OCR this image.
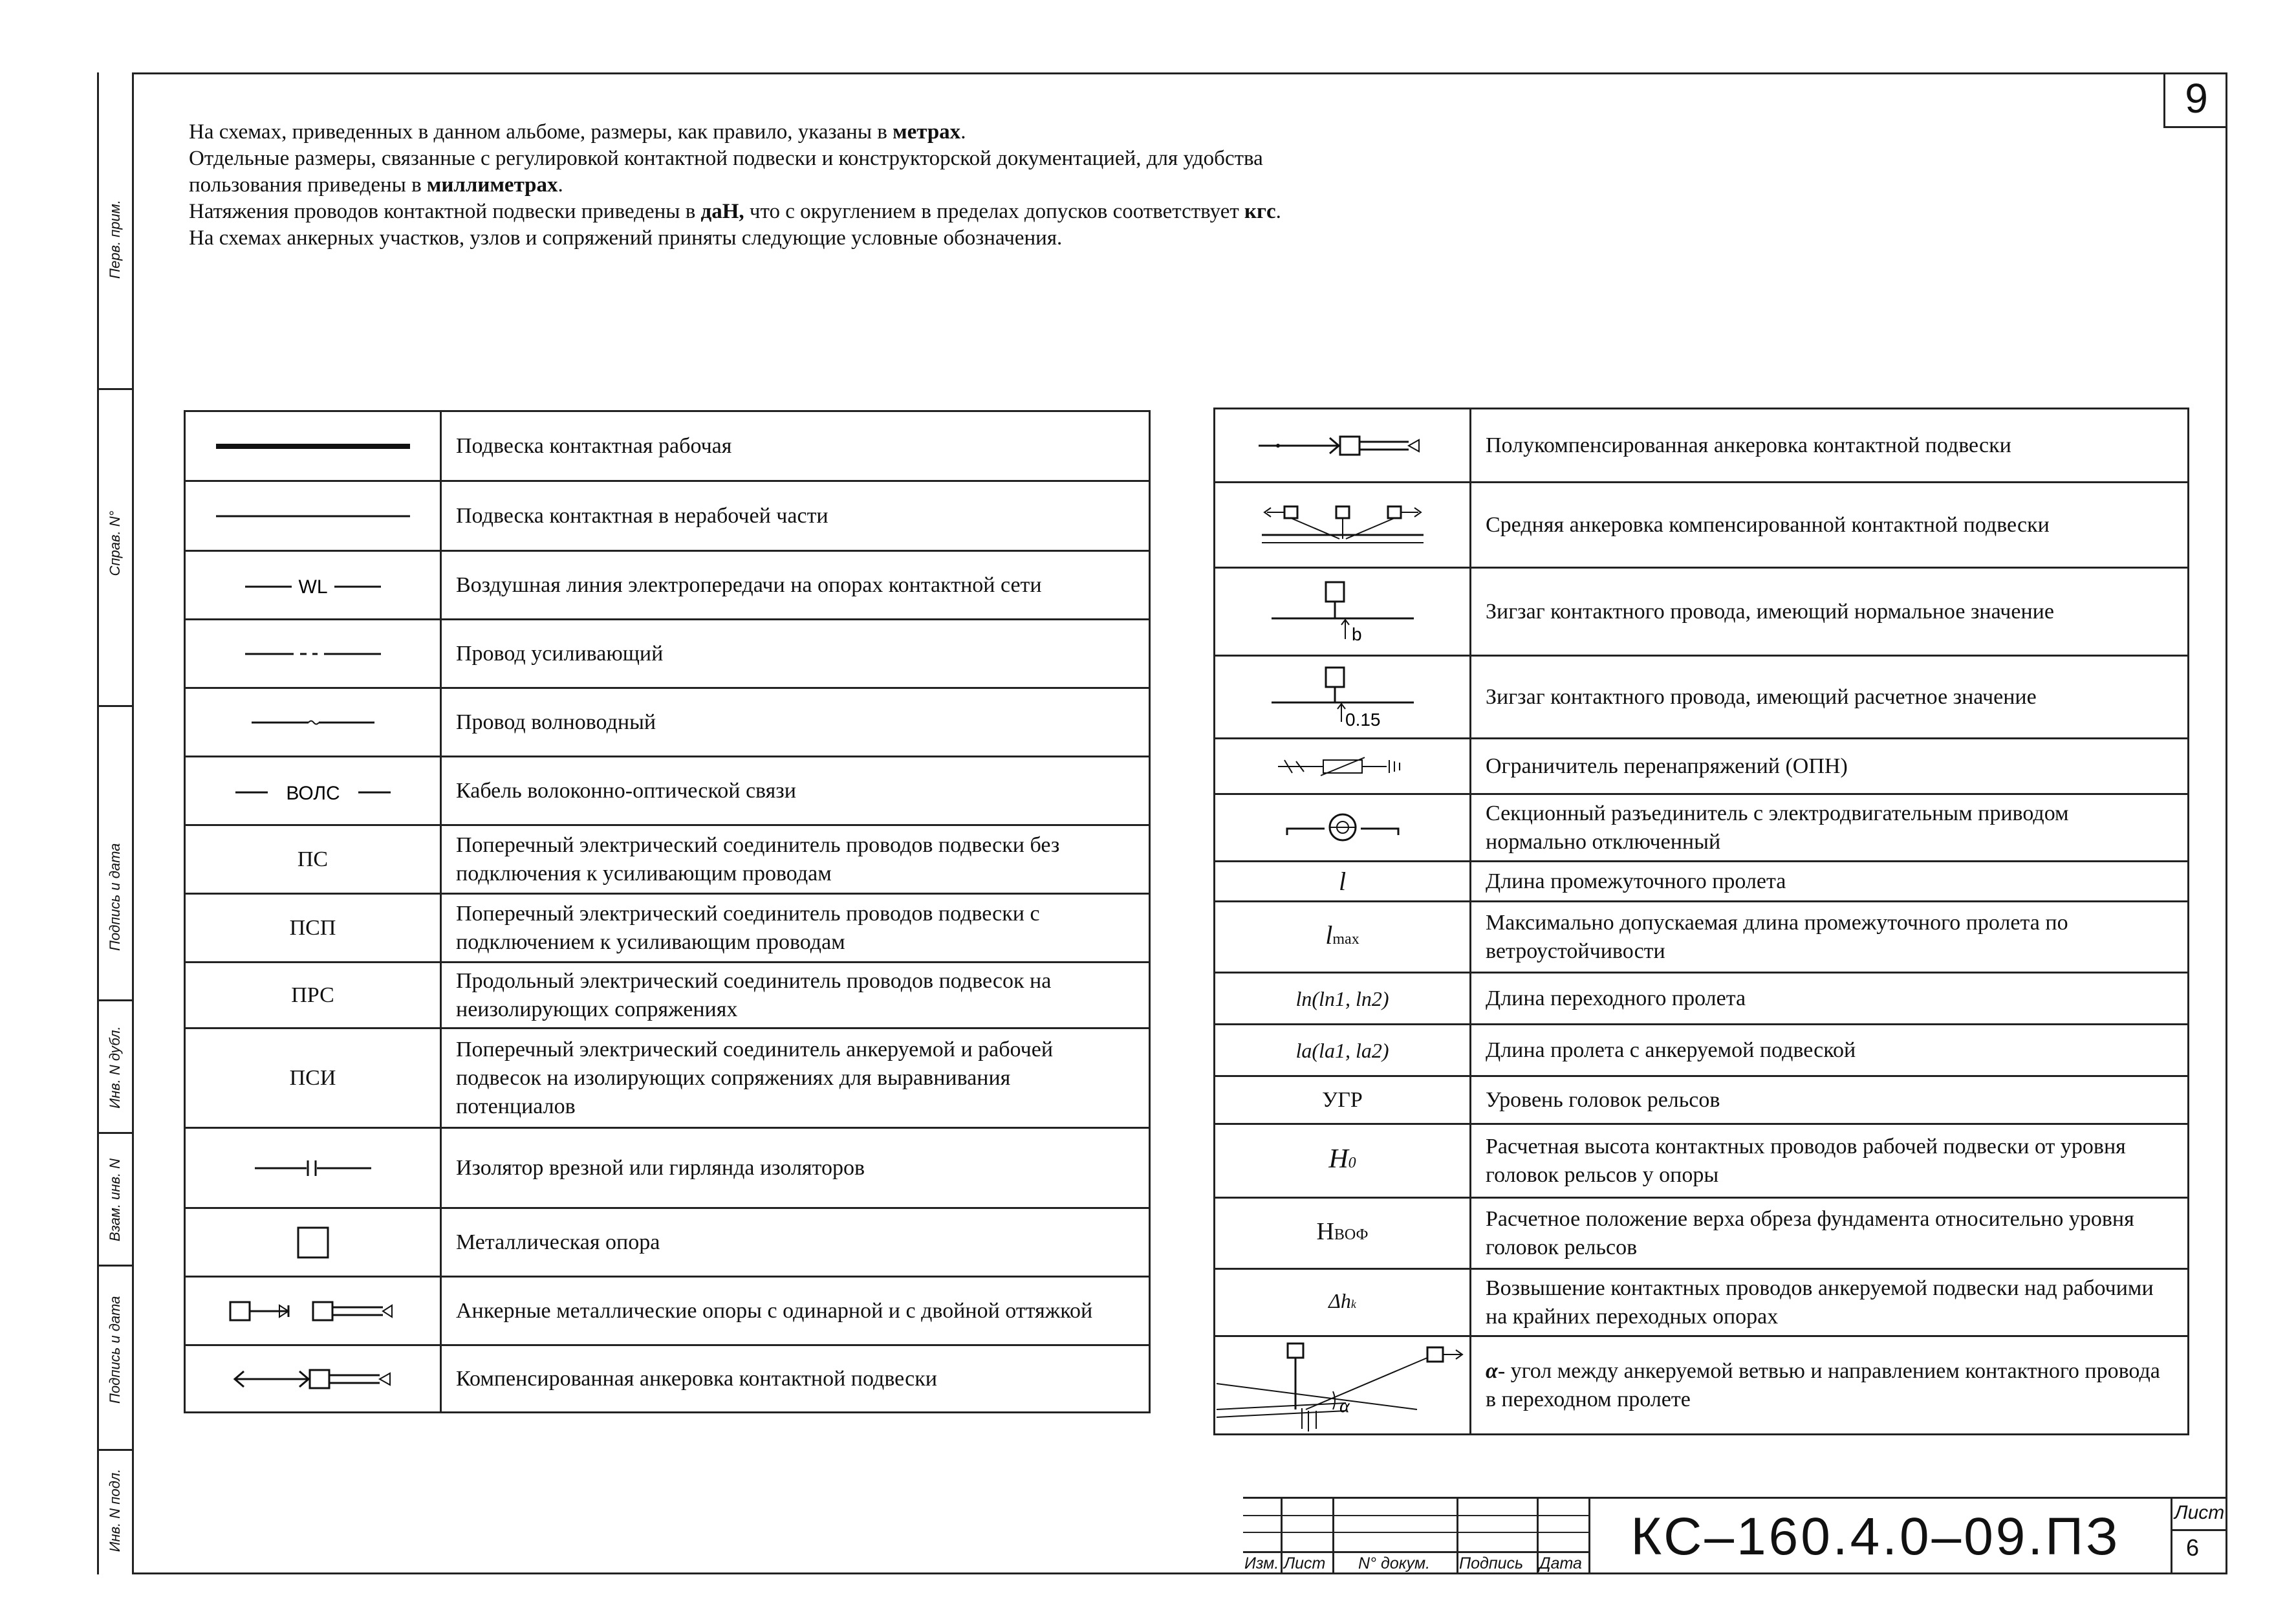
Перв. прим.
Справ. N°
Подпись и дата
Инв. N дубл.
Взам. инв. N
Подпись и дата
Инв. N подл.
9

На схемах, приведенных в данном альбоме, размеры, как правило, указаны в метрах.

Отдельные размеры, связанные с регулировкой контактной подвески и конструкторской документацией, для удобства пользования приведены в миллиметрах.

Натяжения проводов контактной подвески приведены в даН, что с округлением в пределах допусков соответствует кгс.

На схемах анкерных участков, узлов и сопряжений приняты следующие условные обозначения.

	Подвеска контактная рабочая

	Подвеска контактная в нерабочей части

WL	Воздушная линия электропередачи на опорах контактной сети

	Провод усиливающий

	Провод волноводный

ВОЛС	Кабель волоконно-оптической связи
ПС	Поперечный электрический соединитель проводов подвески без подключения к усиливающим проводам
ПСП	Поперечный электрический соединитель проводов подвески с подключением к усиливающим проводам
ПРС	Продольный электрический соединитель проводов подвесок на неизолирующих сопряжениях
ПСИ	Поперечный электрический соединитель анкеруемой и рабочей подвесок на изолирующих сопряжениях для выравнивания потенциалов

	Изолятор врезной или гирлянда изоляторов

	Металлическая опора

	Анкерные металлические опоры с одинарной и с двойной оттяжкой

	Компенсированная анкеровка контактной подвески
	Полукомпенсированная анкеровка контактной подвески

	Средняя анкеровка компенсированной контактной подвески

b	Зигзаг контактного провода, имеющий нормальное значение

0.15	Зигзаг контактного провода, имеющий расчетное значение

	Ограничитель перенапряжений (ОПН)

	Секционный разъединитель с электродвигательным приводом нормально отключенный
l	Длина промежуточного пролета
lmax	Максимально допускаемая длина промежуточного пролета по ветроустойчивости
lп(lп1, lп2)	Длина переходного пролета
lа(lа1, lа2)	Длина пролета с анкеруемой подвеской
УГР	Уровень головок рельсов
H0	Расчетная высота контактных проводов рабочей подвески от уровня головок рельсов у опоры
НВОФ	Расчетное положение верха обреза фундамента относительно уровня головок рельсов
Δhk	Возвышение контактных проводов анкеруемой подвески над рабочими на крайних переходных опорах

α	α- угол между анкеруемой ветвью и направлением контактного провода в переходном пролете
Изм. Лист N° докум. Подпись Дата КС–160.4.0–09.ПЗ	Лист
6
